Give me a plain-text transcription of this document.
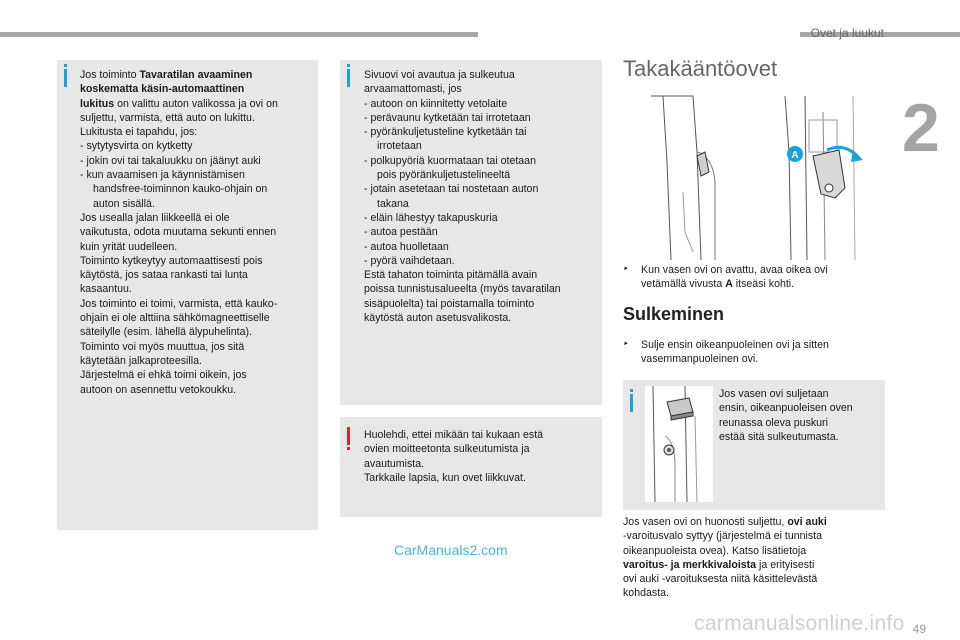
Ovet ja luukut
2
Jos toiminto Tavaratilan avaaminen
koskematta käsin-automaattinen
lukitus on valittu auton valikossa ja ovi on
suljettu, varmista, että auto on lukittu.
Lukitusta ei tapahdu, jos:
- sytytysvirta on kytketty
- jokin ovi tai takaluukku on jäänyt auki
- kun avaamisen ja käynnistämisen
handsfree-toiminnon kauko-ohjain on
auton sisällä.
Jos usealla jalan liikkeellä ei ole
vaikutusta, odota muutama sekunti ennen
kuin yrität uudelleen.
Toiminto kytkeytyy automaattisesti pois
käytöstä, jos sataa rankasti tai lunta
kasaantuu.
Jos toiminto ei toimi, varmista, että kauko-
ohjain ei ole alttiina sähkömagneettiselle
säteilylle (esim. lähellä älypuhelinta).
Toiminto voi myös muuttua, jos sitä
käytetään jalkaproteesilla.
Järjestelmä ei ehkä toimi oikein, jos
autoon on asennettu vetokoukku.
Sivuovi voi avautua ja sulkeutua
arvaamattomasti, jos
- autoon on kiinnitetty vetolaite
- perävaunu kytketään tai irrotetaan
- pyöränkuljetusteline kytketään tai
irrotetaan
- polkupyöriä kuormataan tai otetaan
pois pyöränkuljetustelineeltä
- jotain asetetaan tai nostetaan auton
takana
- eläin lähestyy takapuskuria
- autoa pestään
- autoa huolletaan
- pyörä vaihdetaan.
Estä tahaton toiminta pitämällä avain
poissa tunnistusalueelta (myös tavaratilan
sisäpuolelta) tai poistamalla toiminto
käytöstä auton asetusvalikosta.
Huolehdi, ettei mikään tai kukaan estä
ovien moitteetonta sulkeutumista ja
avautumista.
Tarkkaile lapsia, kun ovet liikkuvat.
Takakääntöovet
A
‣	Kun vasen ovi on avattu, avaa oikea ovi
vetämällä vivusta A itseäsi kohti.
Sulkeminen
‣	Sulje ensin oikeanpuoleinen ovi ja sitten
vasemmanpuoleinen ovi.
Jos vasen ovi suljetaan
ensin, oikeanpuoleisen oven
reunassa oleva puskuri
estää sitä sulkeutumasta.
Jos vasen ovi on huonosti suljettu, ovi auki
-varoitusvalo syttyy (järjestelmä ei tunnista
oikeanpuoleista ovea). Katso lisätietoja
varoitus- ja merkkivaloista ja erityisesti
ovi auki -varoituksesta niitä käsittelevästä
kohdasta.
CarManuals2.com
carmanualsonline.info 49
